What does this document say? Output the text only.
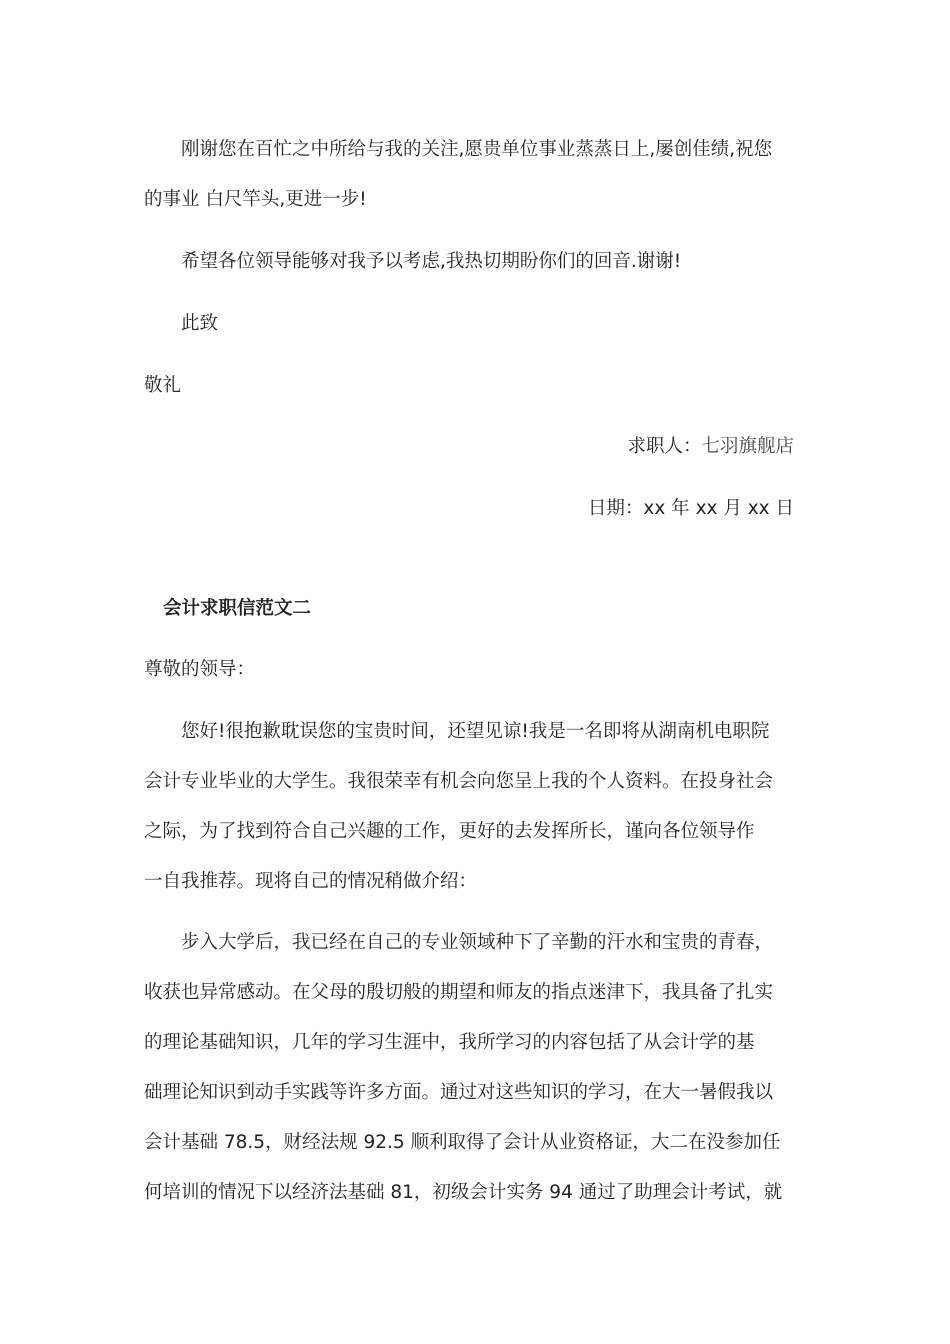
刚谢您在百忙之中所给与我的关注,愿贵单位事业蒸蒸日上,屡创佳绩,祝您
的事业 白尺竿头,更进一步!
希望各位领导能够对我予以考虑,我热切期盼你们的回音.谢谢!
此致
敬礼
求职人：七羽旗舰店
日期：xx 年 xx 月 xx 日
会计求职信范文二
尊敬的领导：
您好!很抱歉耽误您的宝贵时间，还望见谅!我是一名即将从湖南机电职院
会计专业毕业的大学生。我很荣幸有机会向您呈上我的个人资料。在投身社会
之际，为了找到符合自己兴趣的工作，更好的去发挥所长，谨向各位领导作
一自我推荐。现将自己的情况稍做介绍：
步入大学后，我已经在自己的专业领域种下了辛勤的汗水和宝贵的青春，
收获也异常感动。在父母的殷切般的期望和师友的指点迷津下，我具备了扎实
的理论基础知识，几年的学习生涯中，我所学习的内容包括了从会计学的基
础理论知识到动手实践等许多方面。通过对这些知识的学习，在大一暑假我以
会计基础 78.5，财经法规 92.5 顺利取得了会计从业资格证，大二在没参加任
何培训的情况下以经济法基础 81，初级会计实务 94 通过了助理会计考试，就
